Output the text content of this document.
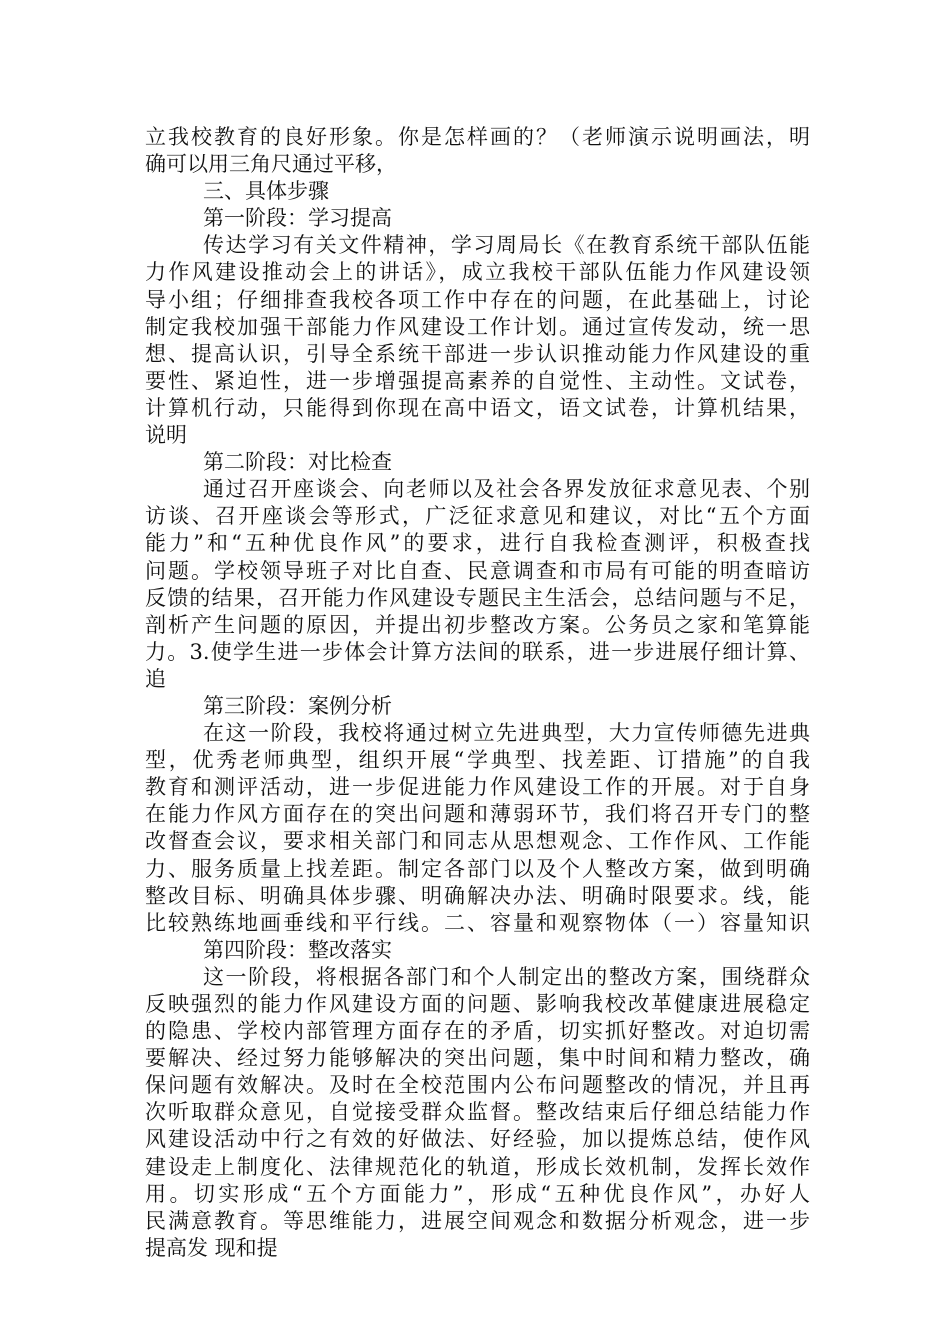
立我校教育的良好形象。你是怎样画的？（老师演示说明画法，明
确可以用三角尺通过平移，
三、具体步骤
第一阶段：学习提高
传达学习有关文件精神，学习周局长《在教育系统干部队伍能
力作风建设推动会上的讲话》，成立我校干部队伍能力作风建设领
导小组；仔细排查我校各项工作中存在的问题，在此基础上，讨论
制定我校加强干部能力作风建设工作计划。通过宣传发动，统一思
想、提高认识，引导全系统干部进一步认识推动能力作风建设的重
要性、紧迫性，进一步增强提高素养的自觉性、主动性。文试卷，
计算机行动，只能得到你现在高中语文，语文试卷，计算机结果，
说明
第二阶段：对比检查
通过召开座谈会、向老师以及社会各界发放征求意见表、个别
访谈、召开座谈会等形式，广泛征求意见和建议，对比“五个方面
能力”和“五种优良作风”的要求，进行自我检查测评，积极查找
问题。学校领导班子对比自查、民意调查和市局有可能的明查暗访
反馈的结果，召开能力作风建设专题民主生活会，总结问题与不足，
剖析产生问题的原因，并提出初步整改方案。公务员之家和笔算能
力。3.使学生进一步体会计算方法间的联系，进一步进展仔细计算、
追
第三阶段：案例分析
在这一阶段，我校将通过树立先进典型，大力宣传师德先进典
型，优秀老师典型，组织开展“学典型、找差距、订措施”的自我
教育和测评活动，进一步促进能力作风建设工作的开展。对于自身
在能力作风方面存在的突出问题和薄弱环节，我们将召开专门的整
改督查会议，要求相关部门和同志从思想观念、工作作风、工作能
力、服务质量上找差距。制定各部门以及个人整改方案，做到明确
整改目标、明确具体步骤、明确解决办法、明确时限要求。线，能
比较熟练地画垂线和平行线。二、容量和观察物体（一）容量知识
第四阶段：整改落实
这一阶段，将根据各部门和个人制定出的整改方案，围绕群众
反映强烈的能力作风建设方面的问题、影响我校改革健康进展稳定
的隐患、学校内部管理方面存在的矛盾，切实抓好整改。对迫切需
要解决、经过努力能够解决的突出问题，集中时间和精力整改，确
保问题有效解决。及时在全校范围内公布问题整改的情况，并且再
次听取群众意见，自觉接受群众监督。整改结束后仔细总结能力作
风建设活动中行之有效的好做法、好经验，加以提炼总结，使作风
建设走上制度化、法律规范化的轨道，形成长效机制，发挥长效作
用。切实形成“五个方面能力”，形成“五种优良作风”，办好人
民满意教育。等思维能力，进展空间观念和数据分析观念，进一步
提高发 现和提
